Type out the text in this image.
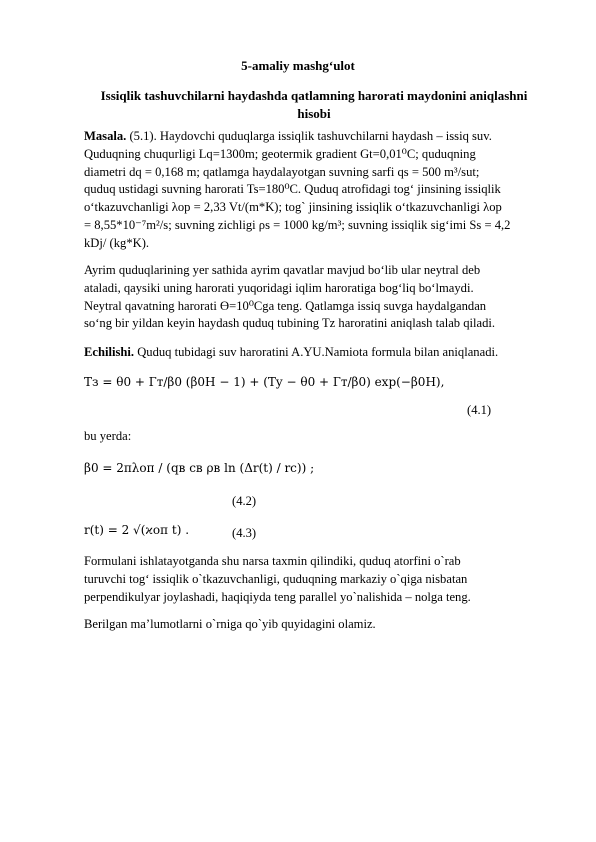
5-amaliy mashg‘ulot
Issiqlik tashuvchilarni haydashda qatlamning harorati maydonini aniqlashni
hisobi
Masala. (5.1). Haydovchi quduqlarga issiqlik tashuvchilarni haydash – issiq suv.
Quduqning chuqurligi Lq=1300m; geotermik gradient Gt=0,01⁰C; quduqning
diametri dq = 0,168 m; qatlamga haydalayotgan suvning sarfi qs = 500 m³/sut;
quduq ustidagi suvning harorati Ts=180⁰C. Quduq atrofidagi tog‘ jinsining issiqlik
o‘tkazuvchanligi λop = 2,33 Vt/(m*K); tog` jinsining issiqlik o‘tkazuvchanligi λop
= 8,55*10⁻⁷m²/s; suvning zichligi ρs = 1000 kg/m³; suvning issiqlik sig‘imi Ss = 4,2
kDj/ (kg*K).
Ayrim quduqlarining yer sathida ayrim qavatlar mavjud bo‘lib ular neytral deb
ataladi, qaysiki uning harorati yuqoridagi iqlim haroratiga bog‘liq bo‘lmaydi.
Neytral qavatning harorati Ө=10⁰Cga teng. Qatlamga issiq suvga haydalgandan
so‘ng bir yildan keyin haydash quduq tubining Tz haroratini aniqlash talab qiladi.
Echilishi. Quduq tubidagi suv haroratini A.YU.Namiota formula bilan aniqlanadi.
Tз = θ0 + Гт/β0 (β0H − 1) + (Ty − θ0 + Гт/β0) exp(−β0H),
(4.1)
bu yerda:
β0 = 2πλоп / (qв cв ρв ln (Δr(t) / rc)) ;
(4.2)
r(t) = 2 √(ϰоп t) .	(4.3)
Formulani ishlatayotganda shu narsa taxmin qilindiki, quduq atorfini o`rab
turuvchi tog‘ issiqlik o`tkazuvchanligi, quduqning markaziy o`qiga nisbatan
perpendikulyar joylashadi, haqiqiyda teng parallel yo`nalishida – nolga teng.
Berilgan ma’lumotlarni o`rniga qo`yib quyidagini olamiz.
